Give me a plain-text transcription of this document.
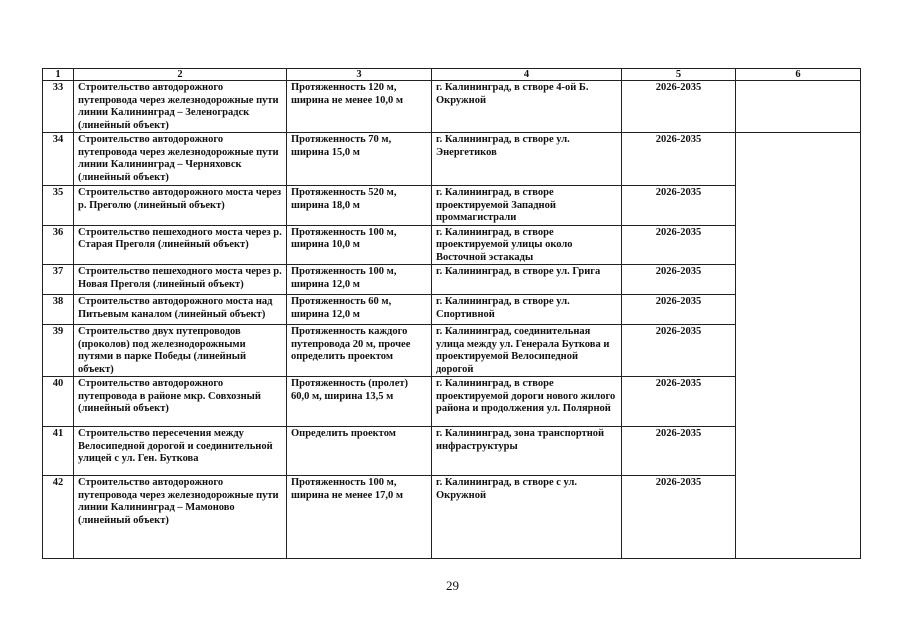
1	2	3	4	5	6
33	Строительство автодорожного путепровода через железнодорожные пути линии Калининград – Зеленоградск (линейный объект)	Протяженность 120 м, ширина не менее 10,0 м	г. Калининград, в створе 4-ой Б. Окружной	2026-2035	
34	Строительство автодорожного путепровода через железнодорожные пути линии Калининград – Черняховск (линейный объект)	Протяженность 70 м, ширина 15,0 м	г. Калининград, в створе ул. Энергетиков	2026-2035	
35	Строительство автодорожного моста через р. Преголю (линейный объект)	Протяженность 520 м, ширина 18,0 м	г. Калининград, в створе проектируемой Западной проммагистрали	2026-2035	
36	Строительство пешеходного моста через р. Старая Преголя (линейный объект)	Протяженность 100 м, ширина 10,0 м	г. Калининград, в створе проектируемой улицы около Восточной эстакады	2026-2035	
37	Строительство пешеходного моста через р. Новая Преголя (линейный объект)	Протяженность 100 м, ширина 12,0 м	г. Калининград, в створе ул. Грига	2026-2035	
38	Строительство автодорожного моста над Питьевым каналом (линейный объект)	Протяженность 60 м, ширина 12,0 м	г. Калининград, в створе ул. Спортивной	2026-2035	
39	Строительство двух путепроводов (проколов) под железнодорожными путями в парке Победы (линейный объект)	Протяженность каждого путепровода 20 м, прочее определить проектом	г. Калининград, соединительная улица между ул. Генерала Буткова и проектируемой Велосипедной дорогой	2026-2035	
40	Строительство автодорожного путепровода в районе мкр. Совхозный (линейный объект)	Протяженность (пролет) 60,0 м, ширина 13,5 м	г. Калининград, в створе проектируемой дороги нового жилого района и продолжения ул. Полярной	2026-2035	
41	Строительство пересечения между Велосипедной дорогой и соединительной улицей с ул. Ген. Буткова	Определить проектом	г. Калининград, зона транспортной инфраструктуры	2026-2035	
42	Строительство автодорожного путепровода через железнодорожные пути линии Калининград – Мамоново (линейный объект)	Протяженность 100 м, ширина не менее 17,0 м	г. Калининград, в створе с ул. Окружной	2026-2035	
29
